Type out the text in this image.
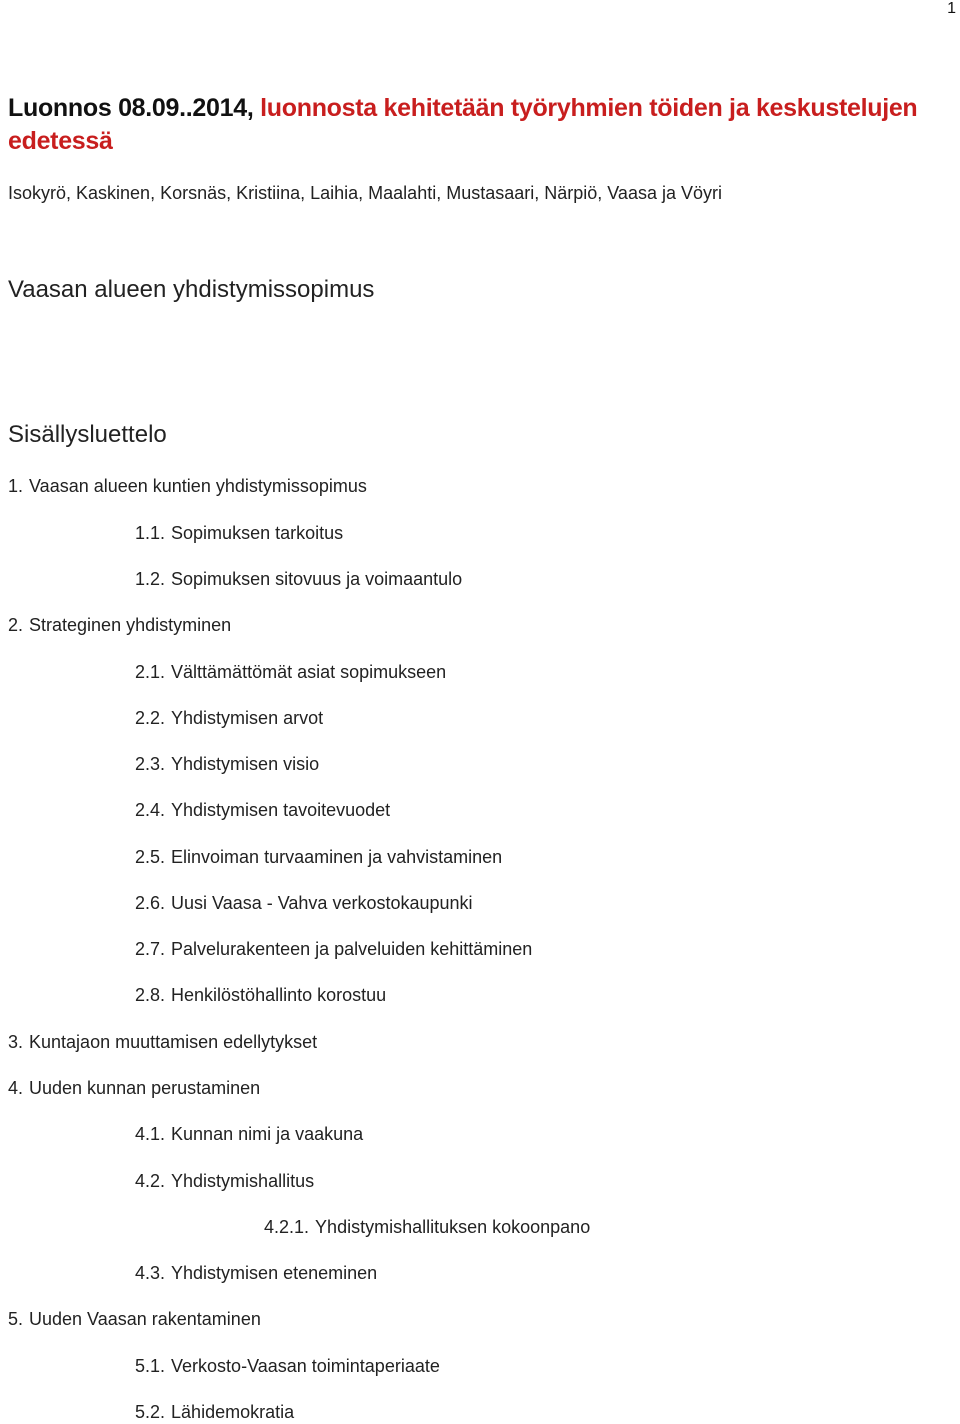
1
Luonnos 08.09..2014, luonnosta kehitetään työryhmien töiden ja keskustelujen edetessä

Isokyrö, Kaskinen, Korsnäs, Kristiina, Laihia, Maalahti, Mustasaari, Närpiö, Vaasa ja Vöyri

Vaasan alueen yhdistymissopimus
Sisällysluettelo
1. Vaasan alueen kuntien yhdistymissopimus
1.1. Sopimuksen tarkoitus
1.2. Sopimuksen sitovuus ja voimaantulo
2. Strateginen yhdistyminen
2.1. Välttämättömät asiat sopimukseen
2.2. Yhdistymisen arvot
2.3. Yhdistymisen visio
2.4. Yhdistymisen tavoitevuodet
2.5. Elinvoiman turvaaminen ja vahvistaminen
2.6. Uusi Vaasa - Vahva verkostokaupunki
2.7. Palvelurakenteen ja palveluiden kehittäminen
2.8. Henkilöstöhallinto korostuu
3. Kuntajaon muuttamisen edellytykset
4. Uuden kunnan perustaminen
4.1. Kunnan nimi ja vaakuna
4.2. Yhdistymishallitus
4.2.1. Yhdistymishallituksen kokoonpano
4.3. Yhdistymisen eteneminen
5. Uuden Vaasan rakentaminen
5.1. Verkosto-Vaasan toimintaperiaate
5.2. Lähidemokratia
